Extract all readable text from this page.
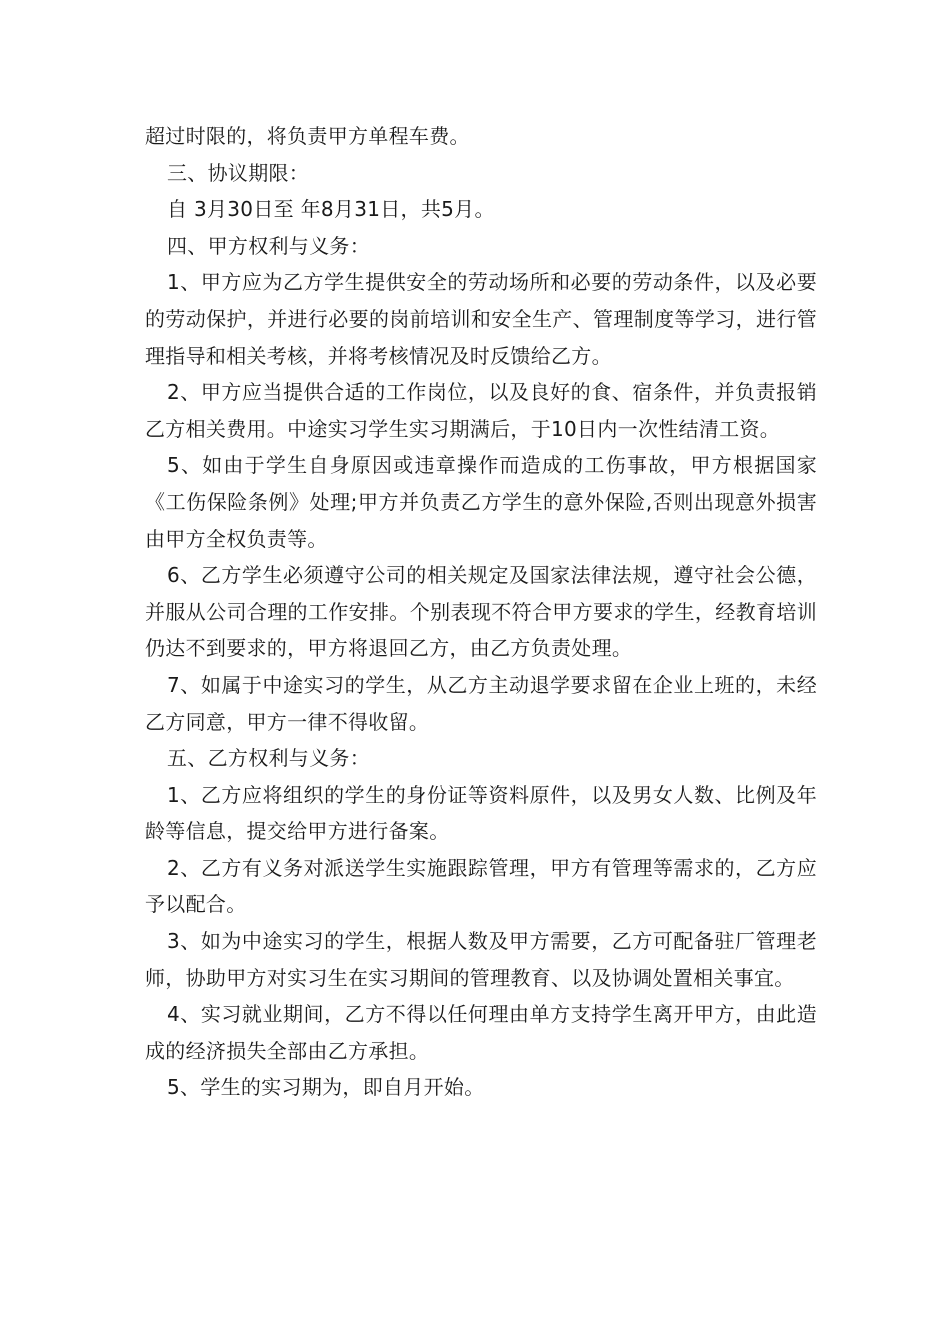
超过时限的，将负责甲方单程车费。

三、协议期限：

自 3月30日至 年8月31日，共5月。

四、甲方权利与义务：

1、甲方应为乙方学生提供安全的劳动场所和必要的劳动条件，以及必要的劳动保护，并进行必要的岗前培训和安全生产、管理制度等学习，进行管理指导和相关考核，并将考核情况及时反馈给乙方。

2、甲方应当提供合适的工作岗位，以及良好的食、宿条件，并负责报销乙方相关费用。中途实习学生实习期满后，于10日内一次性结清工资。

5、如由于学生自身原因或违章操作而造成的工伤事故，甲方根据国家《工伤保险条例》处理;甲方并负责乙方学生的意外保险,否则出现意外损害由甲方全权负责等。

6、乙方学生必须遵守公司的相关规定及国家法律法规，遵守社会公德，并服从公司合理的工作安排。个别表现不符合甲方要求的学生，经教育培训仍达不到要求的，甲方将退回乙方，由乙方负责处理。

7、如属于中途实习的学生，从乙方主动退学要求留在企业上班的，未经乙方同意，甲方一律不得收留。

五、乙方权利与义务：

1、乙方应将组织的学生的身份证等资料原件，以及男女人数、比例及年龄等信息，提交给甲方进行备案。

2、乙方有义务对派送学生实施跟踪管理，甲方有管理等需求的，乙方应予以配合。

3、如为中途实习的学生，根据人数及甲方需要，乙方可配备驻厂管理老师，协助甲方对实习生在实习期间的管理教育、以及协调处置相关事宜。

4、实习就业期间，乙方不得以任何理由单方支持学生离开甲方，由此造成的经济损失全部由乙方承担。

5、学生的实习期为，即自月开始。
